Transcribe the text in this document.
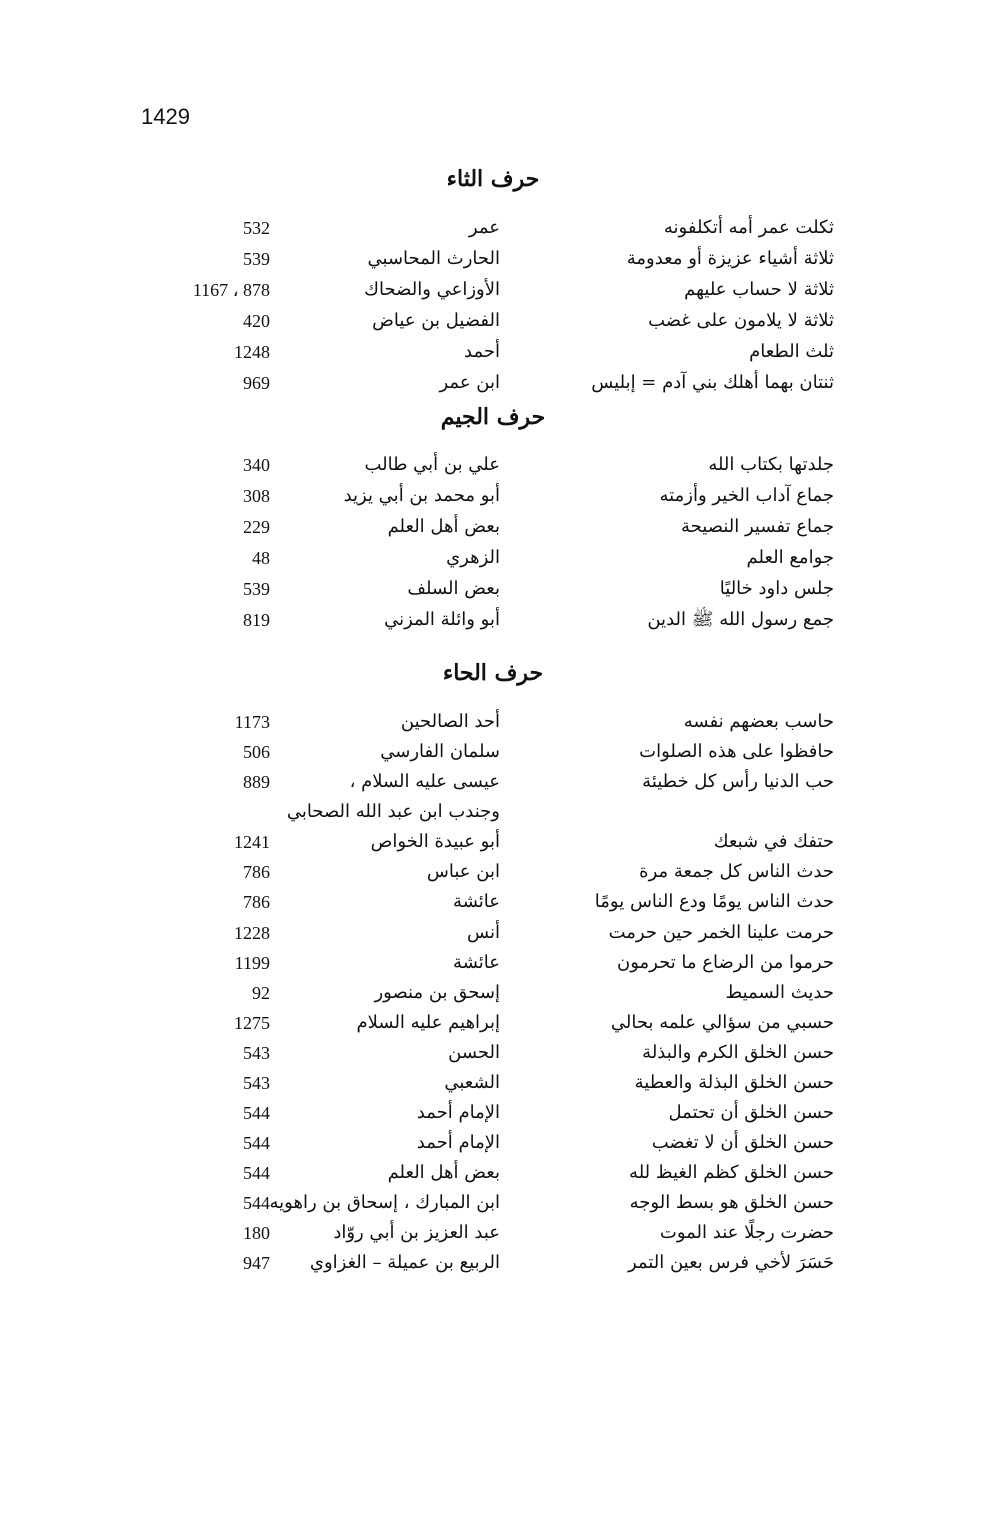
1429
حرف الثاء
ثكلت عمر أمه أتكلفونه
عمر
532
ثلاثة أشياء عزيزة أو معدومة
الحارث المحاسبي
539
ثلاثة لا حساب عليهم
الأوزاعي والضحاك
878 ، 1167
ثلاثة لا يلامون على غضب
الفضيل بن عياض
420
ثلث الطعام
أحمد
1248
ثنتان بهما أهلك بني آدم = إبليس
ابن عمر
969
حرف الجيم
جلدتها بكتاب الله
علي بن أبي طالب
340
جماع آداب الخير وأزمته
أبو محمد بن أبي يزيد
308
جماع تفسير النصيحة
بعض أهل العلم
229
جوامع العلم
الزهري
48
جلس داود خاليًا
بعض السلف
539
جمع رسول الله ﷺ الدين
أبو وائلة المزني
819
حرف الحاء
حاسب بعضهم نفسه
أحد الصالحين
1173
حافظوا على هذه الصلوات
سلمان الفارسي
506
حب الدنيا رأس كل خطيئة
عيسى عليه السلام ،
889
وجندب ابن عبد الله الصحابي
حتفك في شبعك
أبو عبيدة الخواص
1241
حدث الناس كل جمعة مرة
ابن عباس
786
حدث الناس يومًا ودع الناس يومًا
عائشة
786
حرمت علينا الخمر حين حرمت
أنس
1228
حرموا من الرضاع ما تحرمون
عائشة
1199
حديث السميط
إسحق بن منصور
92
حسبي من سؤالي علمه بحالي
إبراهيم عليه السلام
1275
حسن الخلق الكرم والبذلة
الحسن
543
حسن الخلق البذلة والعطية
الشعبي
543
حسن الخلق أن تحتمل
الإمام أحمد
544
حسن الخلق أن لا تغضب
الإمام أحمد
544
حسن الخلق كظم الغيظ لله
بعض أهل العلم
544
حسن الخلق هو بسط الوجه
ابن المبارك ، إسحاق بن راهويه
544
حضرت رجلًا عند الموت
عبد العزيز بن أبي روّاد
180
حَسَرَ لأخي فرس بعين التمر
الربيع بن عميلة – الغزاوي
947
